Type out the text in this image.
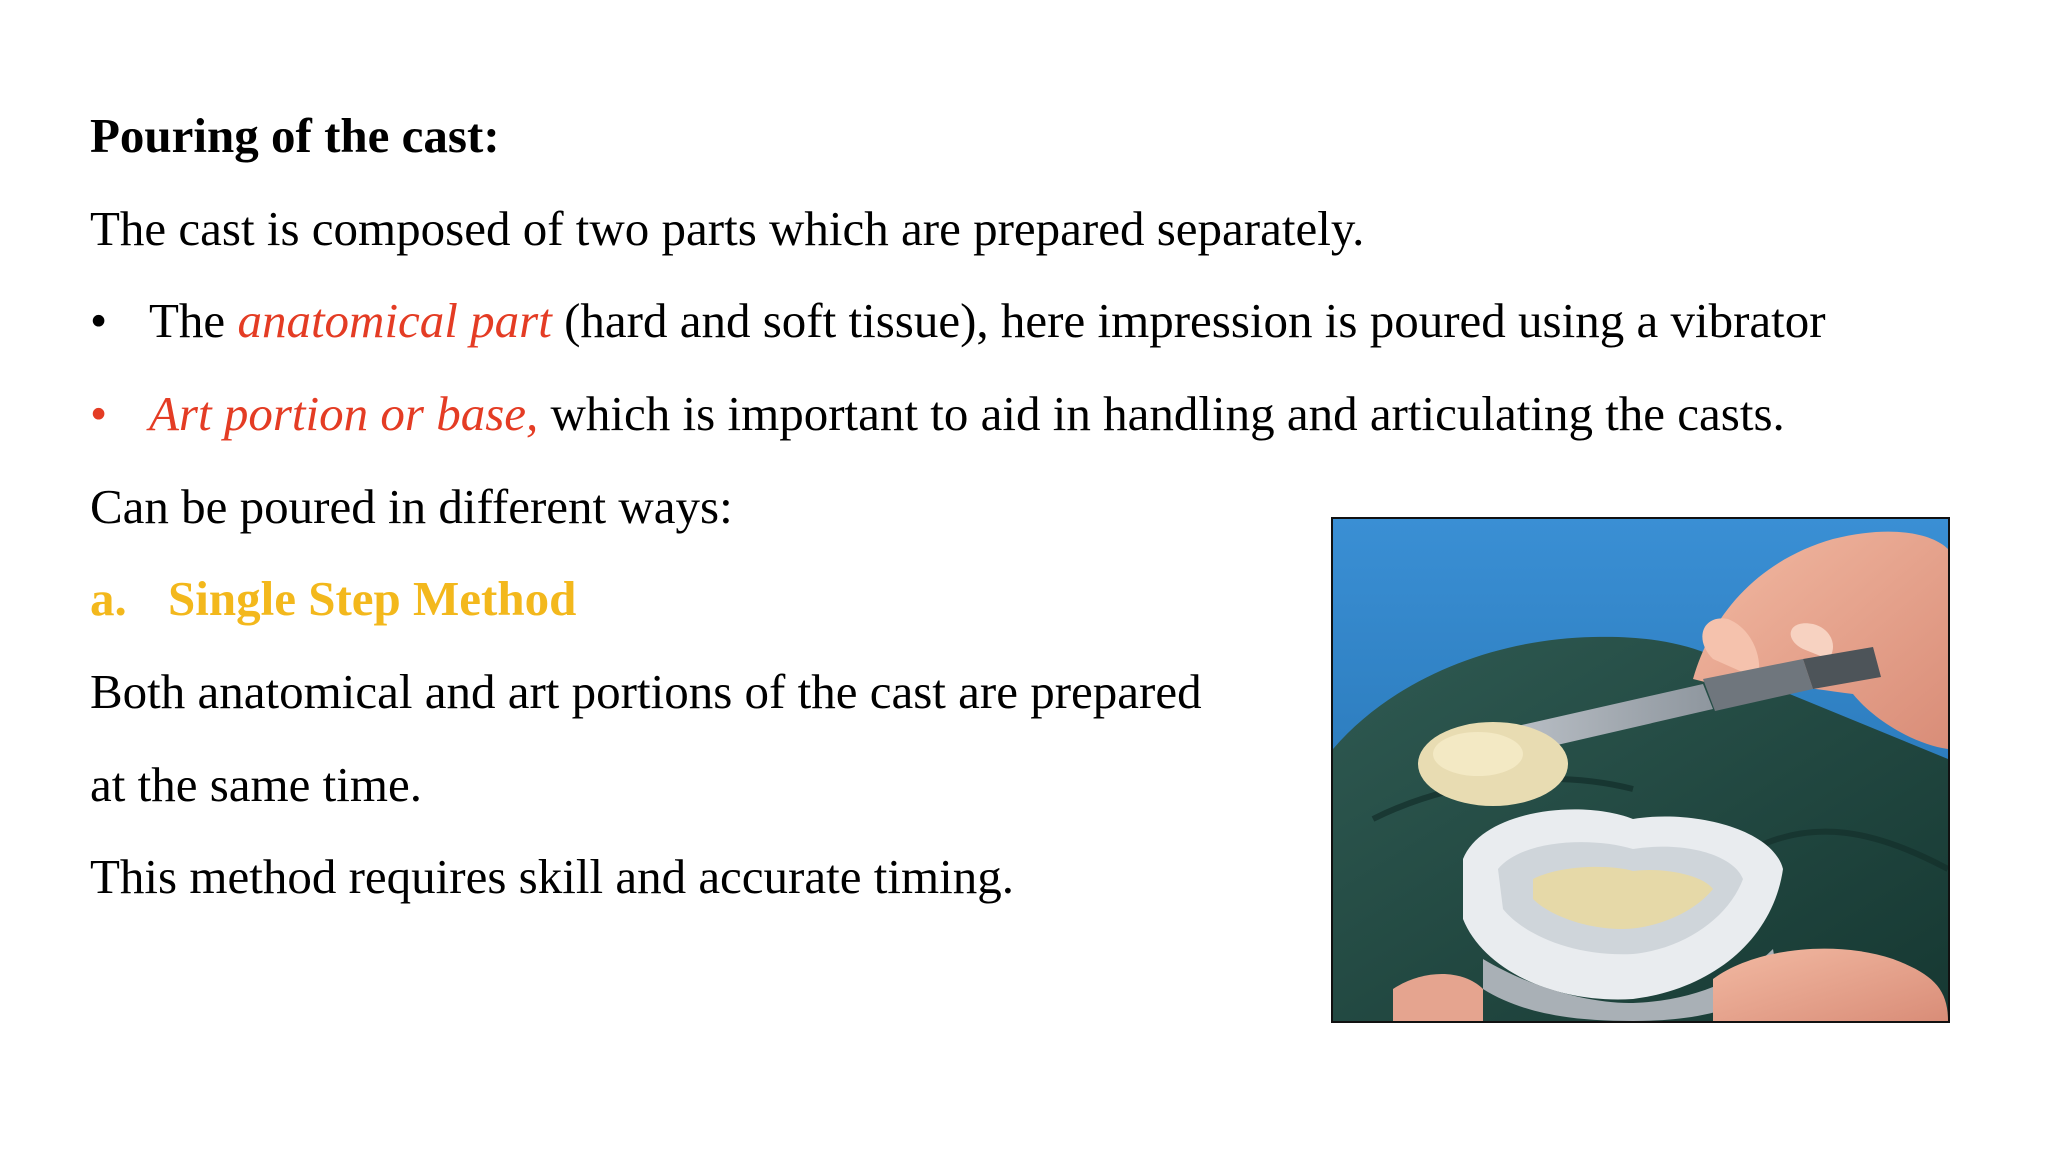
Pouring of the cast:
The cast is composed of two parts which are prepared separately.
• The anatomical part (hard and soft tissue), here impression is poured using a vibrator
• Art portion or base, which is important to aid in handling and articulating the casts.
Can be poured in different ways:
a. Single Step Method
Both anatomical and art portions of the cast are prepared
at the same time.
This method requires skill and accurate timing.
